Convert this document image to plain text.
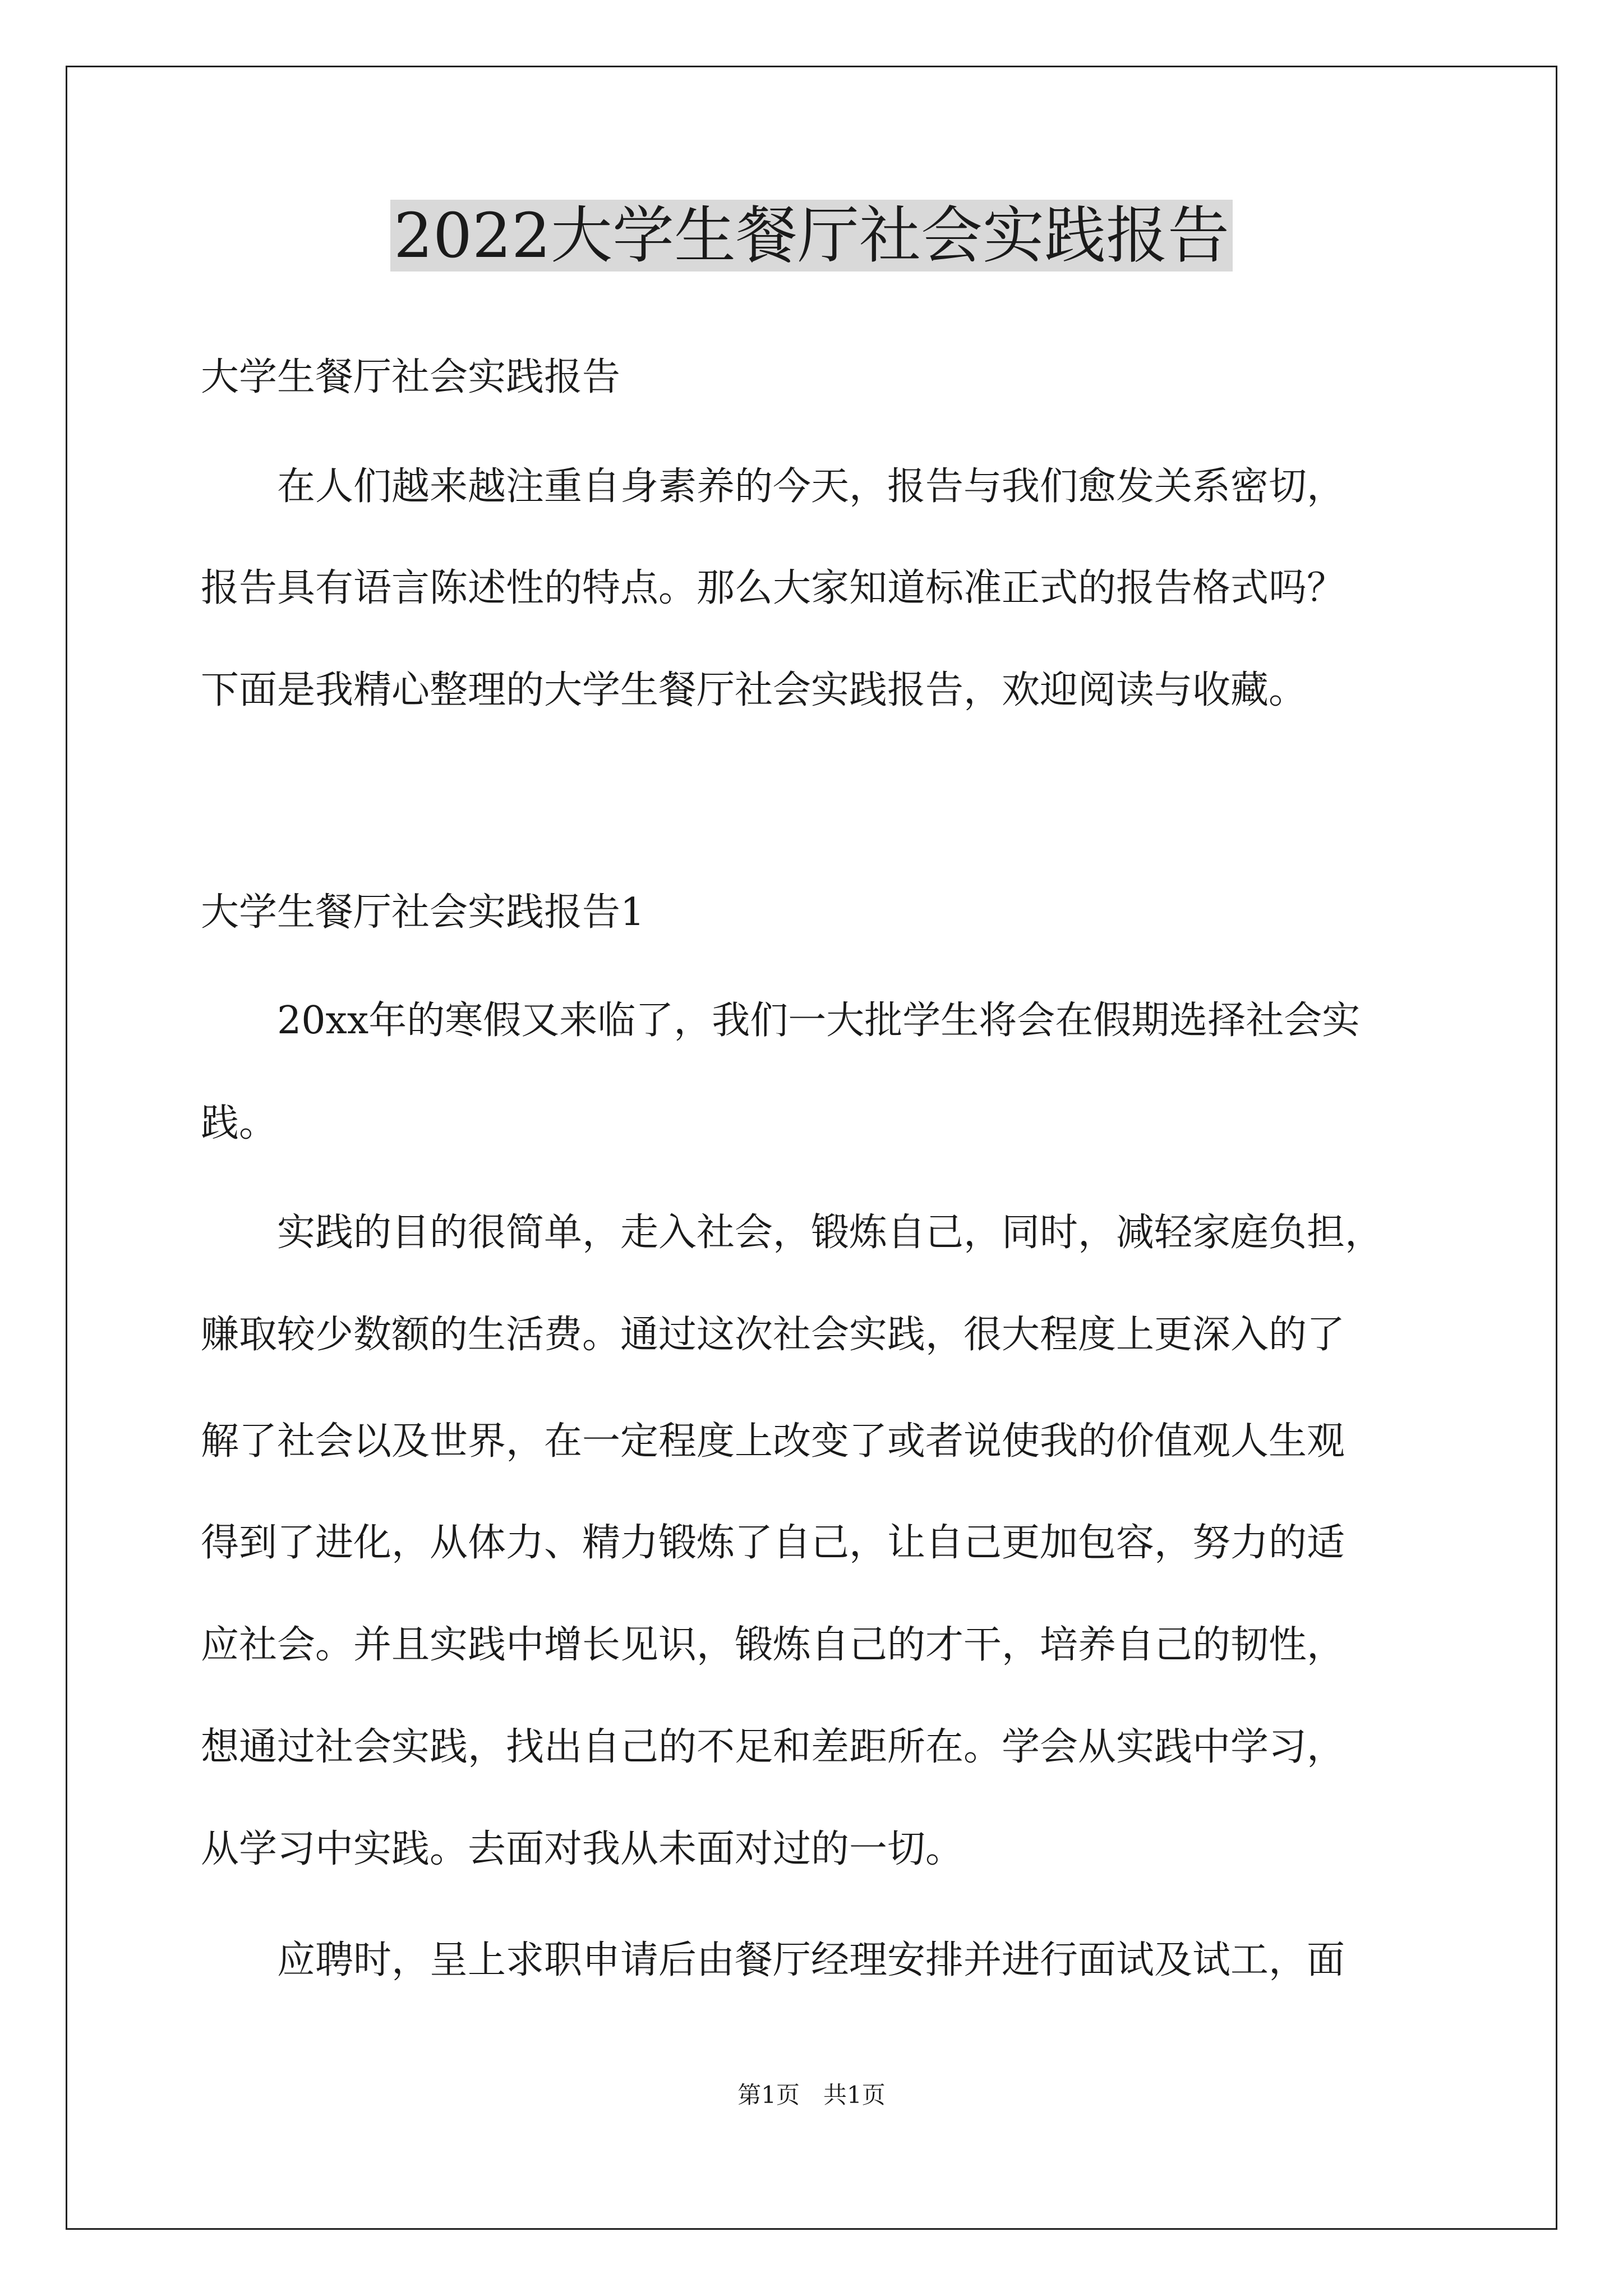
2022大学生餐厅社会实践报告

大学生餐厅社会实践报告

　　在人们越来越注重自身素养的今天，报告与我们愈发关系密切，

报告具有语言陈述性的特点。那么大家知道标准正式的报告格式吗？

下面是我精心整理的大学生餐厅社会实践报告，欢迎阅读与收藏。

大学生餐厅社会实践报告1

　　20xx年的寒假又来临了，我们一大批学生将会在假期选择社会实

践。

　　实践的目的很简单，走入社会，锻炼自己，同时，减轻家庭负担，

赚取较少数额的生活费。通过这次社会实践，很大程度上更深入的了

解了社会以及世界，在一定程度上改变了或者说使我的价值观人生观

得到了进化，从体力、精力锻炼了自己，让自己更加包容，努力的适

应社会。并且实践中增长见识，锻炼自己的才干，培养自己的韧性，

想通过社会实践，找出自己的不足和差距所在。学会从实践中学习，

从学习中实践。去面对我从未面对过的一切。

　　应聘时，呈上求职申请后由餐厅经理安排并进行面试及试工，面

第1页　共1页
